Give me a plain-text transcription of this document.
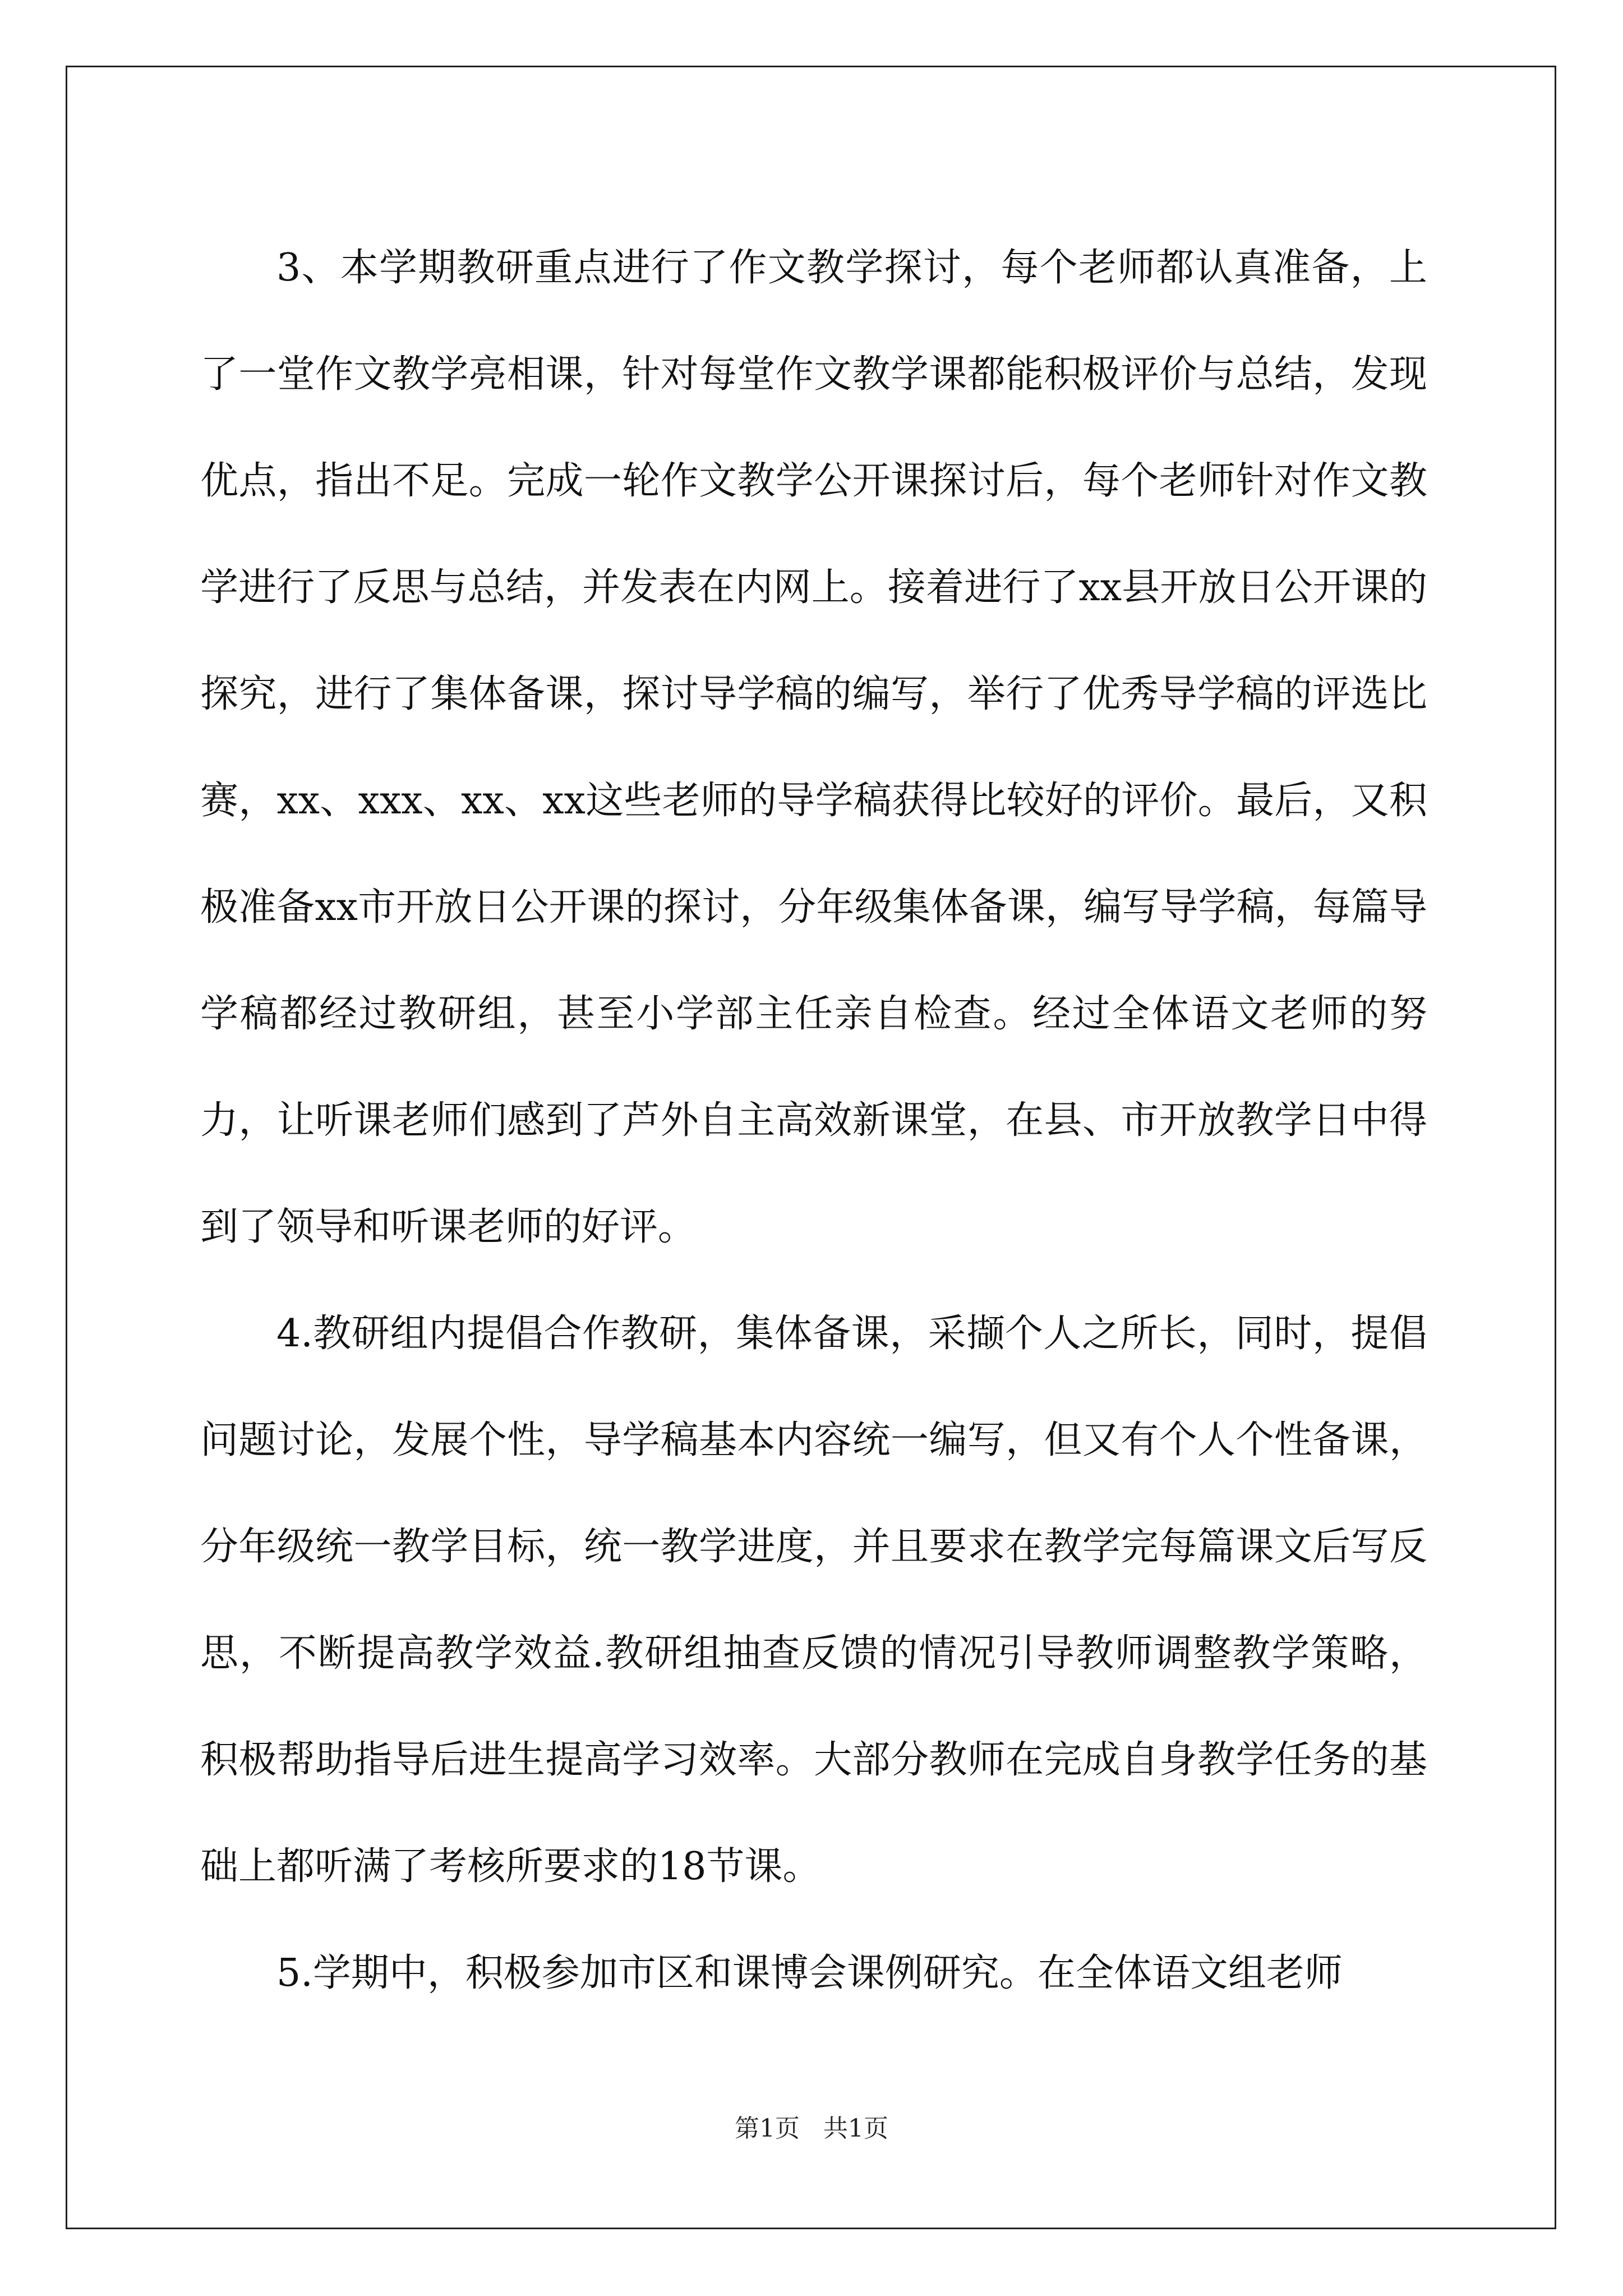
3、本学期教研重点进行了作文教学探讨，每个老师都认真准备，上了一堂作文教学亮相课，针对每堂作文教学课都能积极评价与总结，发现优点，指出不足。完成一轮作文教学公开课探讨后，每个老师针对作文教学进行了反思与总结，并发表在内网上。接着进行了xx县开放日公开课的探究，进行了集体备课，探讨导学稿的编写，举行了优秀导学稿的评选比赛，xx、xxx、xx、xx这些老师的导学稿获得比较好的评价。最后，又积极准备xx市开放日公开课的探讨，分年级集体备课，编写导学稿，每篇导学稿都经过教研组，甚至小学部主任亲自检查。经过全体语文老师的努力，让听课老师们感到了芦外自主高效新课堂，在县、市开放教学日中得到了领导和听课老师的好评。

4.教研组内提倡合作教研，集体备课，采撷个人之所长，同时，提倡问题讨论，发展个性，导学稿基本内容统一编写，但又有个人个性备课，分年级统一教学目标，统一教学进度，并且要求在教学完每篇课文后写反思，不断提高教学效益.教研组抽查反馈的情况引导教师调整教学策略，积极帮助指导后进生提高学习效率。大部分教师在完成自身教学任务的基础上都听满了考核所要求的18节课。

5.学期中，积极参加市区和课博会课例研究。在全体语文组老师

第1页 共1页
